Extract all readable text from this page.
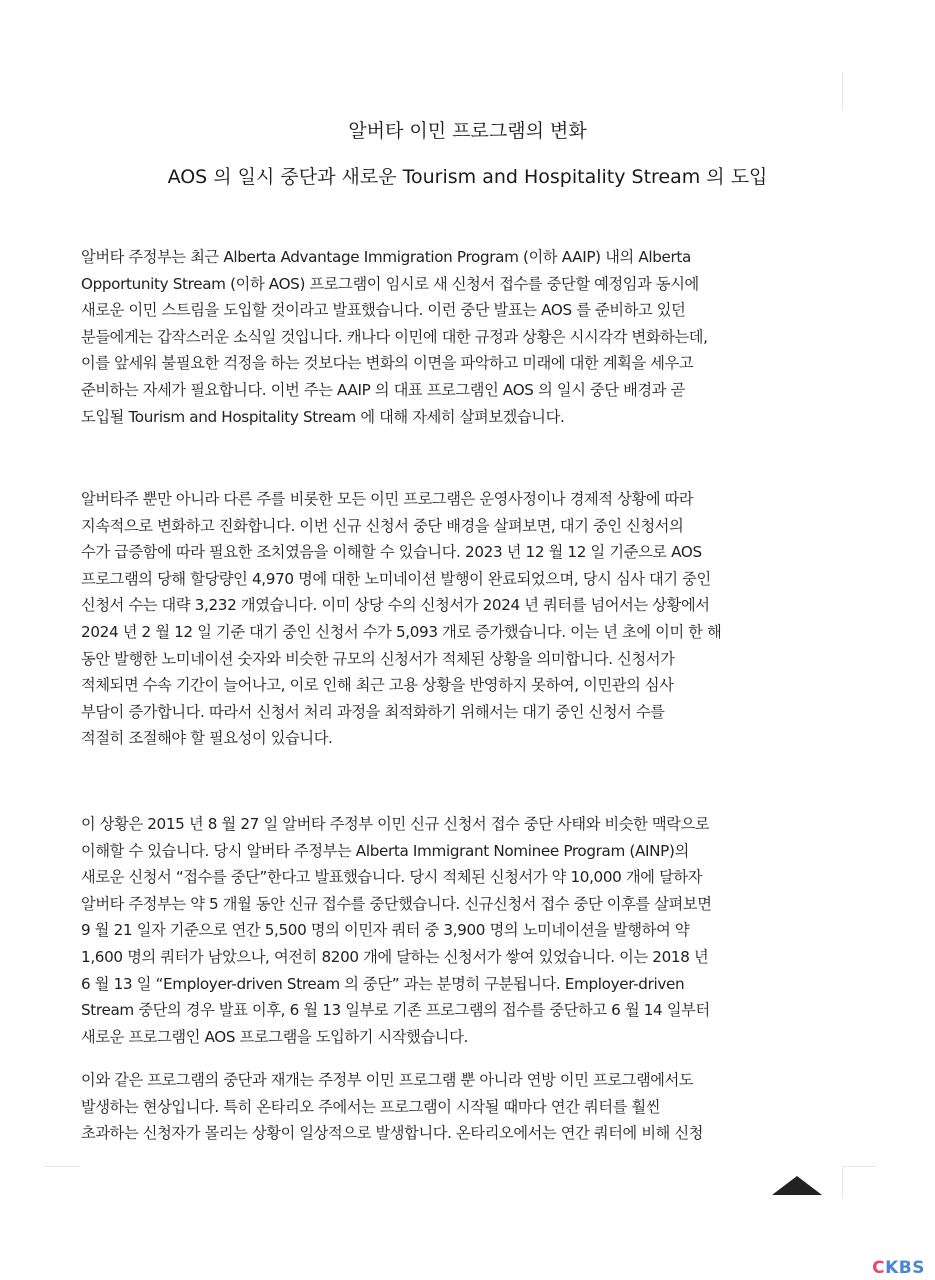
알버타 이민 프로그램의 변화
AOS 의 일시 중단과 새로운 Tourism and Hospitality Stream 의 도입

알버타 주정부는 최근 Alberta Advantage Immigration Program (이하 AAIP) 내의 Alberta
Opportunity Stream (이하 AOS) 프로그램이 임시로 새 신청서 접수를 중단할 예정임과 동시에
새로운 이민 스트림을 도입할 것이라고 발표했습니다. 이런 중단 발표는 AOS 를 준비하고 있던
분들에게는 갑작스러운 소식일 것입니다. 캐나다 이민에 대한 규정과 상황은 시시각각 변화하는데,
이를 앞세워 불필요한 걱정을 하는 것보다는 변화의 이면을 파악하고 미래에 대한 계획을 세우고
준비하는 자세가 필요합니다. 이번 주는 AAIP 의 대표 프로그램인 AOS 의 일시 중단 배경과 곧
도입될 Tourism and Hospitality Stream 에 대해 자세히 살펴보겠습니다.

알버타주 뿐만 아니라 다른 주를 비롯한 모든 이민 프로그램은 운영사정이나 경제적 상황에 따라
지속적으로 변화하고 진화합니다. 이번 신규 신청서 중단 배경을 살펴보면, 대기 중인 신청서의
수가 급증함에 따라 필요한 조치였음을 이해할 수 있습니다. 2023 년 12 월 12 일 기준으로 AOS
프로그램의 당해 할당량인 4,970 명에 대한 노미네이션 발행이 완료되었으며, 당시 심사 대기 중인
신청서 수는 대략 3,232 개였습니다. 이미 상당 수의 신청서가 2024 년 쿼터를 넘어서는 상황에서
2024 년 2 월 12 일 기준 대기 중인 신청서 수가 5,093 개로 증가했습니다. 이는 년 초에 이미 한 해
동안 발행한 노미네이션 숫자와 비슷한 규모의 신청서가 적체된 상황을 의미합니다. 신청서가
적체되면 수속 기간이 늘어나고, 이로 인해 최근 고용 상황을 반영하지 못하여, 이민관의 심사
부담이 증가합니다. 따라서 신청서 처리 과정을 최적화하기 위해서는 대기 중인 신청서 수를
적절히 조절해야 할 필요성이 있습니다.

이 상황은 2015 년 8 월 27 일 알버타 주정부 이민 신규 신청서 접수 중단 사태와 비슷한 맥락으로
이해할 수 있습니다. 당시 알버타 주정부는 Alberta Immigrant Nominee Program (AINP)의
새로운 신청서 “접수를 중단”한다고 발표했습니다. 당시 적체된 신청서가 약 10,000 개에 달하자
알버타 주정부는 약 5 개월 동안 신규 접수를 중단했습니다. 신규신청서 접수 중단 이후를 살펴보면
9 월 21 일자 기준으로 연간 5,500 명의 이민자 쿼터 중 3,900 명의 노미네이션을 발행하여 약
1,600 명의 쿼터가 남았으나, 여전히 8200 개에 달하는 신청서가 쌓여 있었습니다. 이는 2018 년
6 월 13 일 “Employer-driven Stream 의 중단” 과는 분명히 구분됩니다. Employer-driven
Stream 중단의 경우 발표 이후, 6 월 13 일부로 기존 프로그램의 접수를 중단하고 6 월 14 일부터
새로운 프로그램인 AOS 프로그램을 도입하기 시작했습니다.

이와 같은 프로그램의 중단과 재개는 주정부 이민 프로그램 뿐 아니라 연방 이민 프로그램에서도
발생하는 현상입니다. 특히 온타리오 주에서는 프로그램이 시작될 때마다 연간 쿼터를 훨씬
초과하는 신청자가 몰리는 상황이 일상적으로 발생합니다. 온타리오에서는 연간 쿼터에 비해 신청

CKBS
